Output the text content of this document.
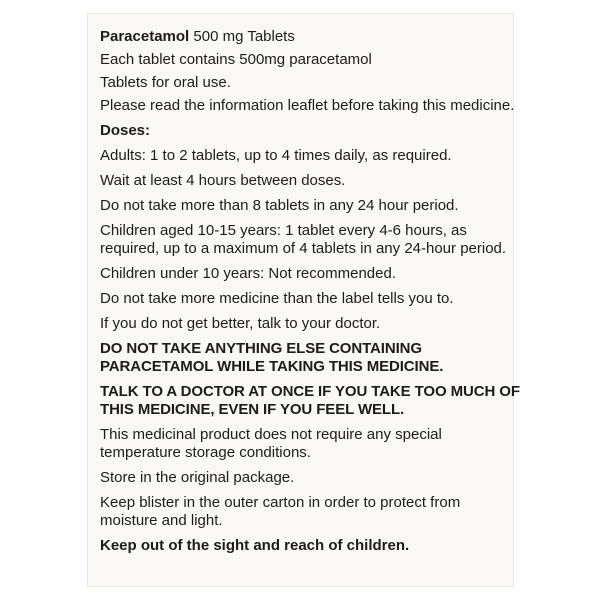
Paracetamol 500 mg Tablets

Each tablet contains 500mg paracetamol

Tablets for oral use.

Please read the information leaflet before taking this medicine.

Doses:

Adults: 1 to 2 tablets, up to 4 times daily, as required.

Wait at least 4 hours between doses.

Do not take more than 8 tablets in any 24 hour period.

Children aged 10-15 years: 1 tablet every 4-6 hours, as required, up to a maximum of 4 tablets in any 24-hour period.

Children under 10 years: Not recommended.

Do not take more medicine than the label tells you to.

If you do not get better, talk to your doctor.

DO NOT TAKE ANYTHING ELSE CONTAINING PARACETAMOL WHILE TAKING THIS MEDICINE.

TALK TO A DOCTOR AT ONCE IF YOU TAKE TOO MUCH OF THIS MEDICINE, EVEN IF YOU FEEL WELL.

This medicinal product does not require any special temperature storage conditions.

Store in the original package.

Keep blister in the outer carton in order to protect from moisture and light.

Keep out of the sight and reach of children.
